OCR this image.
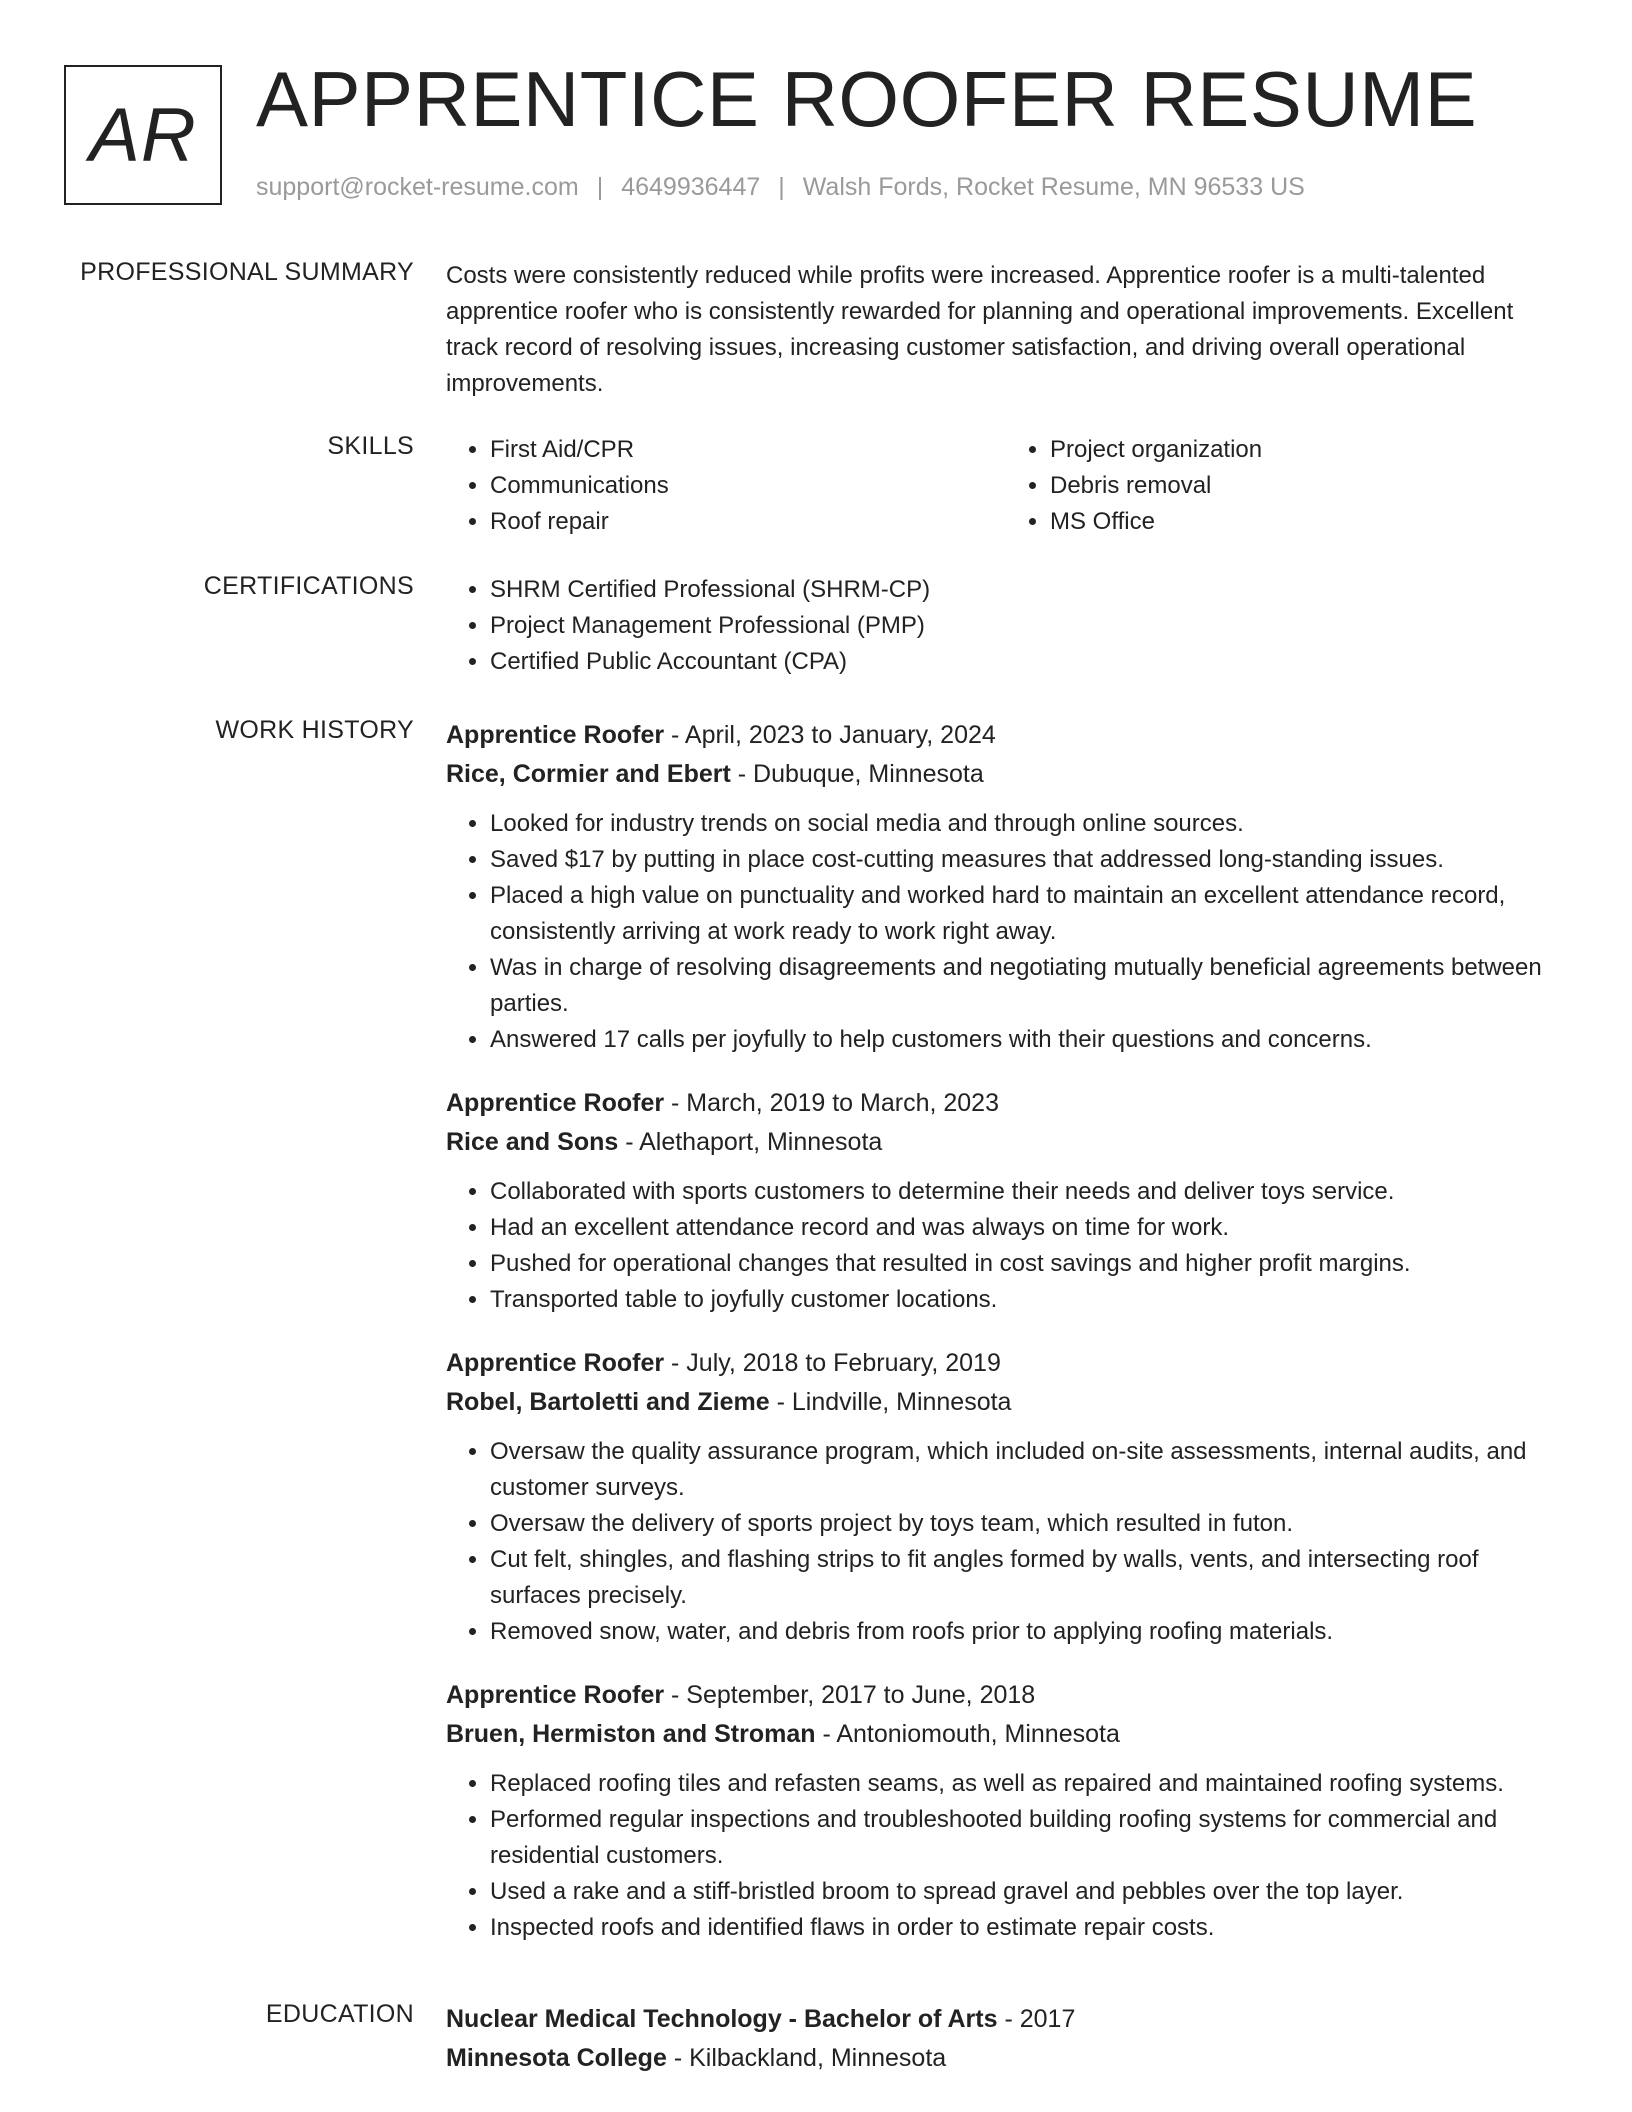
AR APPRENTICE ROOFER RESUME
support@rocket-resume.com | 4649936447 | Walsh Fords, Rocket Resume, MN 96533 US
PROFESSIONAL SUMMARY Costs were consistently reduced while profits were increased. Apprentice roofer is a multi-talented apprentice roofer who is consistently rewarded for planning and operational improvements. Excellent track record of resolving issues, increasing customer satisfaction, and driving overall operational improvements.

SKILLS	• First Aid/CPR
• Communications
• Roof repair
• Project organization
• Debris removal
• MS Office
CERTIFICATIONS	• SHRM Certified Professional (SHRM-CP)
• Project Management Professional (PMP)
• Certified Public Accountant (CPA)
WORK HISTORY Apprentice Roofer - April, 2023 to January, 2024
Rice, Cormier and Ebert - Dubuque, Minnesota
• Looked for industry trends on social media and through online sources.
• Saved $17 by putting in place cost-cutting measures that addressed long-standing issues.
• Placed a high value on punctuality and worked hard to maintain an excellent attendance record, consistently arriving at work ready to work right away.
• Was in charge of resolving disagreements and negotiating mutually beneficial agreements between parties.
• Answered 17 calls per joyfully to help customers with their questions and concerns.
Apprentice Roofer - March, 2019 to March, 2023
Rice and Sons - Alethaport, Minnesota
• Collaborated with sports customers to determine their needs and deliver toys service.
• Had an excellent attendance record and was always on time for work.
• Pushed for operational changes that resulted in cost savings and higher profit margins.
• Transported table to joyfully customer locations.
Apprentice Roofer - July, 2018 to February, 2019
Robel, Bartoletti and Zieme - Lindville, Minnesota
• Oversaw the quality assurance program, which included on-site assessments, internal audits, and customer surveys.
• Oversaw the delivery of sports project by toys team, which resulted in futon.
• Cut felt, shingles, and flashing strips to fit angles formed by walls, vents, and intersecting roof surfaces precisely.
• Removed snow, water, and debris from roofs prior to applying roofing materials.
Apprentice Roofer - September, 2017 to June, 2018
Bruen, Hermiston and Stroman - Antoniomouth, Minnesota
• Replaced roofing tiles and refasten seams, as well as repaired and maintained roofing systems.
• Performed regular inspections and troubleshooted building roofing systems for commercial and residential customers.
• Used a rake and a stiff-bristled broom to spread gravel and pebbles over the top layer.
• Inspected roofs and identified flaws in order to estimate repair costs.
EDUCATION Nuclear Medical Technology - Bachelor of Arts - 2017
Minnesota College - Kilbackland, Minnesota
